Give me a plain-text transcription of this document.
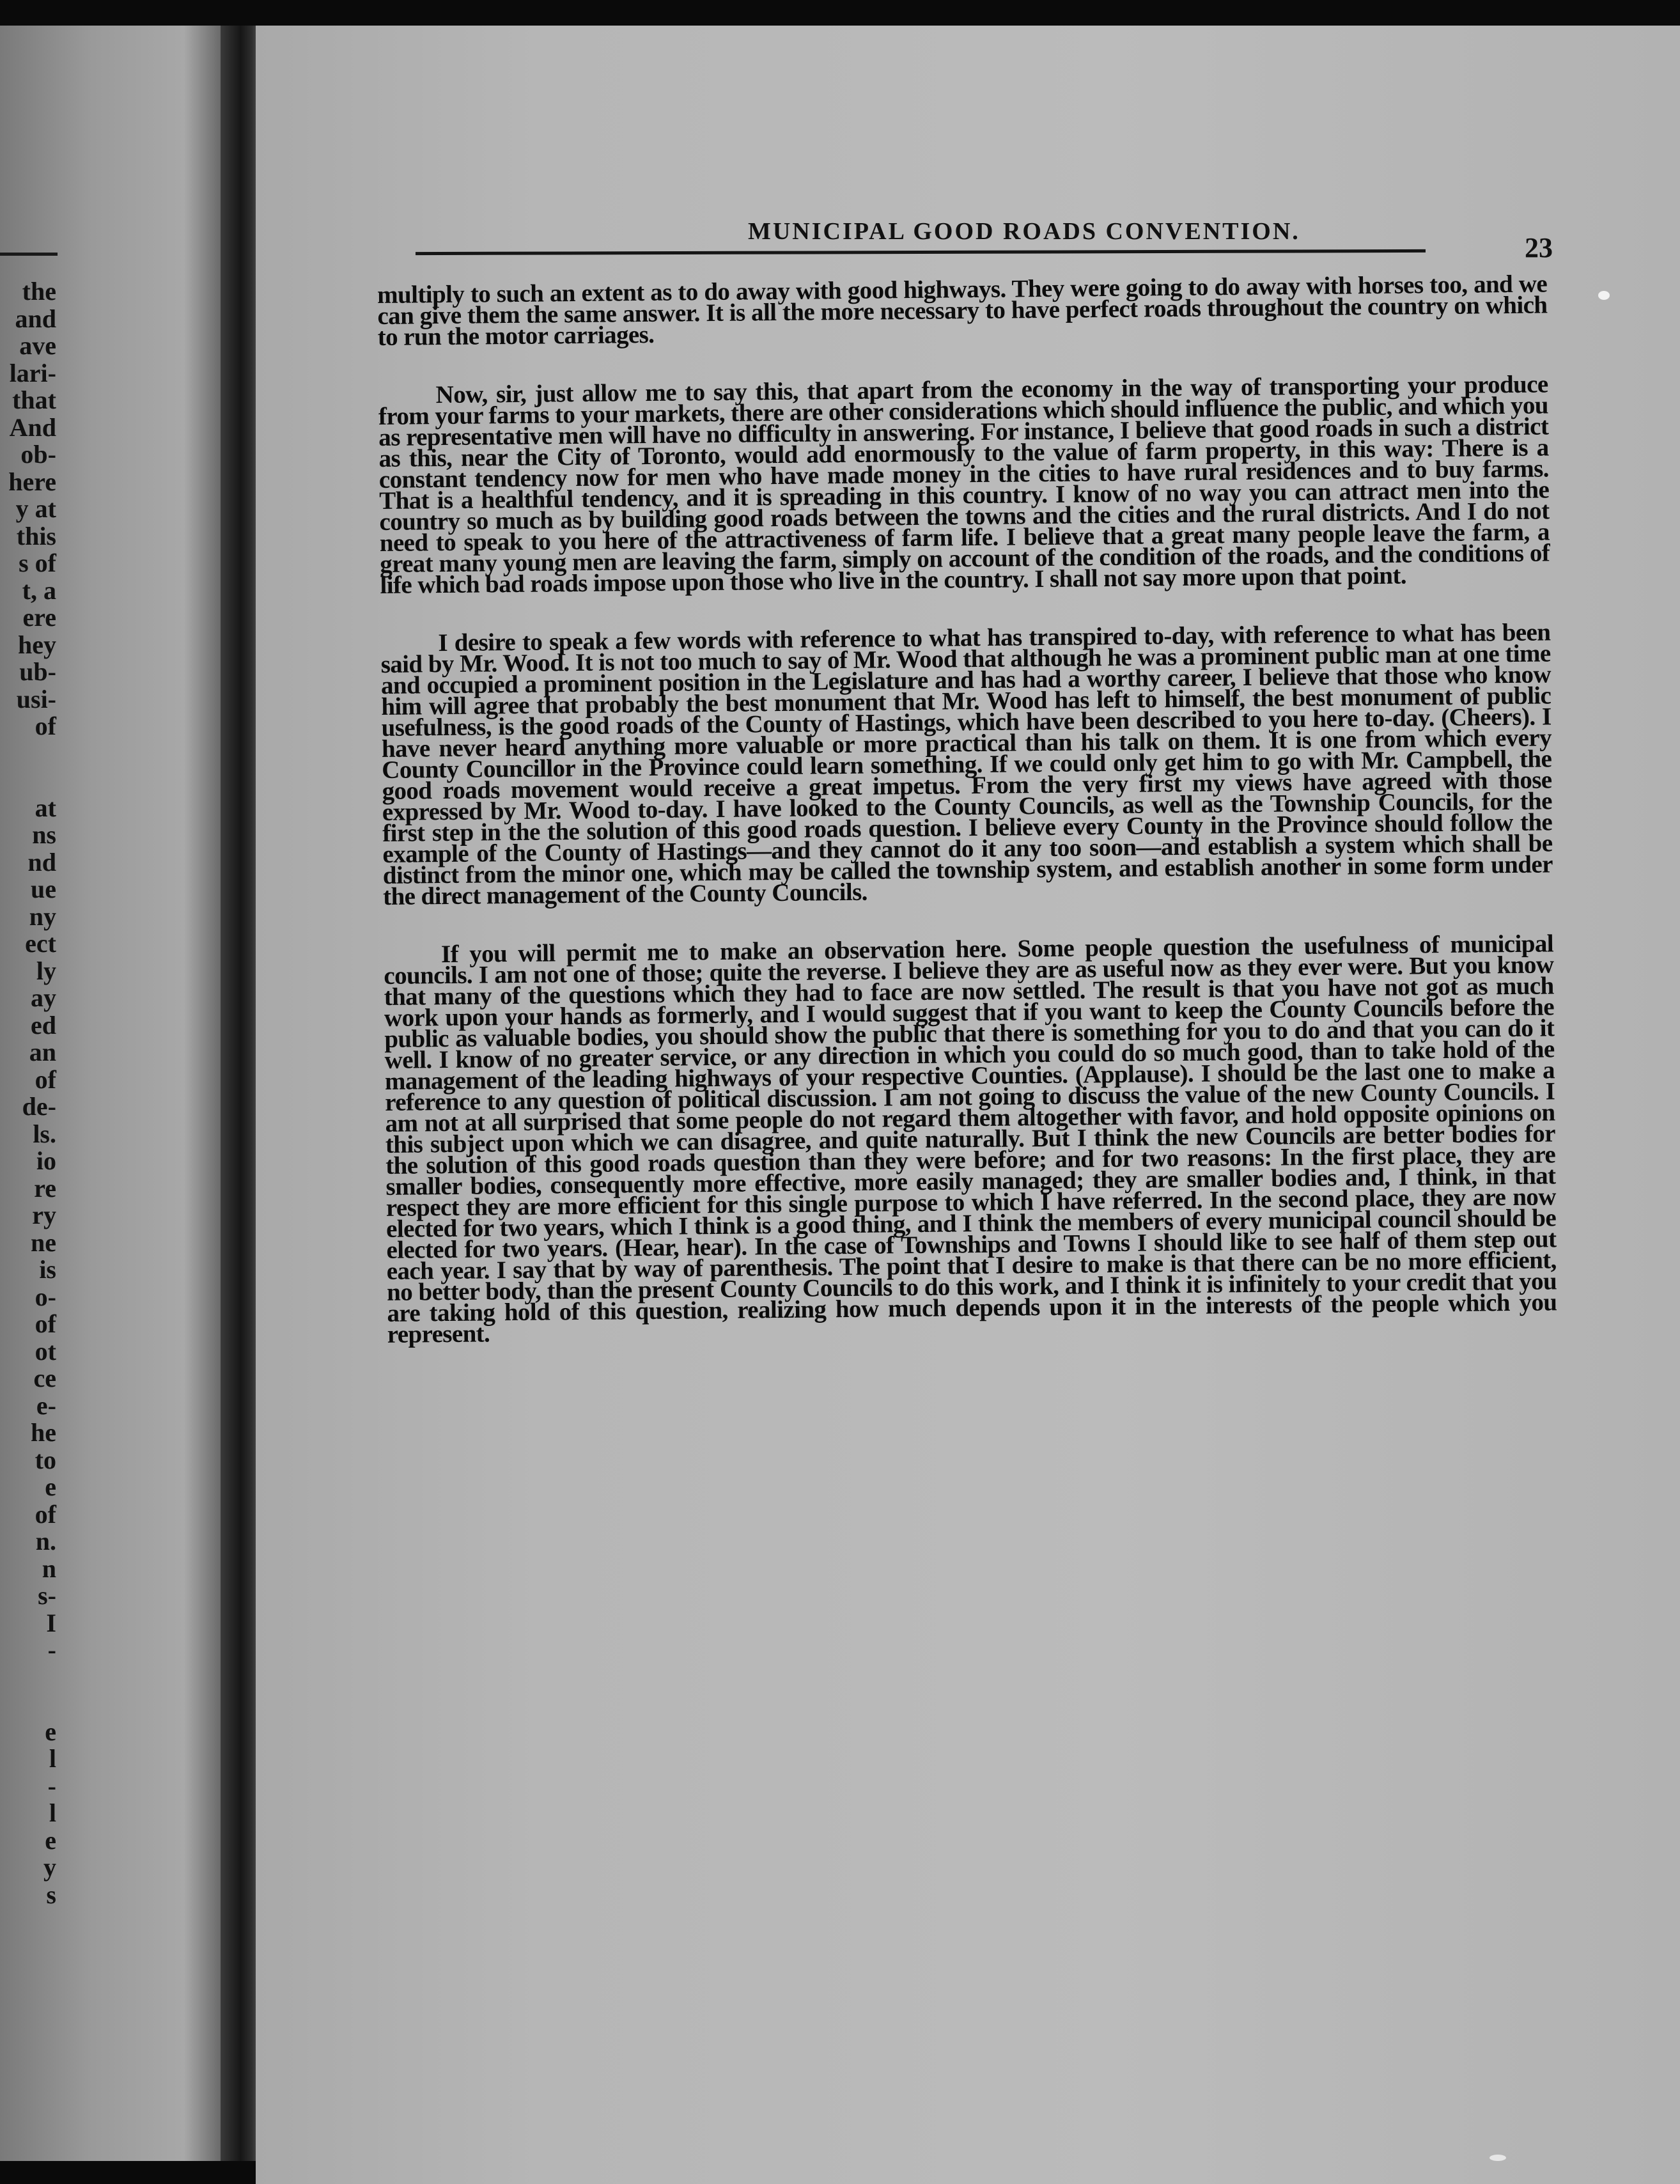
the
and
ave
lari-
that
And
ob-
here
y at
this
s of
t, a
ere
hey
ub-
usi-
of

at
ns
nd
ue
ny
ect
ly
ay
ed
an
of
de-
ls.
io
re
ry
ne
is
o-
of
ot
ce
e-
he
to
e
of
n.
n
s-
I
-

e
l
-
l
e
y
s
MUNICIPAL GOOD ROADS CONVENTION.
23

multiply to such an extent as to do away with good highways. They were going to do away with horses too, and we can give them the same answer. It is all the more necessary to have perfect roads throughout the country on which to run the motor carriages.

Now, sir, just allow me to say this, that apart from the economy in the way of transporting your produce from your farms to your markets, there are other considerations which should influence the public, and which you as representative men will have no difficulty in answering. For instance, I believe that good roads in such a district as this, near the City of Toronto, would add enormously to the value of farm property, in this way: There is a constant tendency now for men who have made money in the cities to have rural residences and to buy farms. That is a healthful tendency, and it is spreading in this country. I know of no way you can attract men into the country so much as by building good roads between the towns and the cities and the rural districts. And I do not need to speak to you here of the attractiveness of farm life. I believe that a great many people leave the farm, a great many young men are leaving the farm, simply on account of the condition of the roads, and the conditions of life which bad roads impose upon those who live in the country. I shall not say more upon that point.

I desire to speak a few words with reference to what has transpired to-day, with reference to what has been said by Mr. Wood. It is not too much to say of Mr. Wood that although he was a prominent public man at one time and occupied a prominent position in the Legislature and has had a worthy career, I believe that those who know him will agree that probably the best monument that Mr. Wood has left to himself, the best monument of public usefulness, is the good roads of the County of Hastings, which have been described to you here to-day. (Cheers). I have never heard anything more valuable or more practical than his talk on them. It is one from which every County Councillor in the Province could learn something. If we could only get him to go with Mr. Campbell, the good roads movement would receive a great impetus. From the very first my views have agreed with those expressed by Mr. Wood to-day. I have looked to the County Councils, as well as the Township Councils, for the first step in the the solution of this good roads question. I believe every County in the Province should follow the example of the County of Hastings—and they cannot do it any too soon—and establish a system which shall be distinct from the minor one, which may be called the township system, and establish another in some form under the direct management of the County Councils.

If you will permit me to make an observation here. Some people question the usefulness of municipal councils. I am not one of those; quite the reverse. I believe they are as useful now as they ever were. But you know that many of the questions which they had to face are now settled. The result is that you have not got as much work upon your hands as formerly, and I would suggest that if you want to keep the County Councils before the public as valuable bodies, you should show the public that there is something for you to do and that you can do it well. I know of no greater service, or any direction in which you could do so much good, than to take hold of the management of the leading highways of your respective Counties. (Applause). I should be the last one to make a reference to any question of political discussion. I am not going to discuss the value of the new County Councils. I am not at all surprised that some people do not regard them altogether with favor, and hold opposite opinions on this subject upon which we can disagree, and quite naturally. But I think the new Councils are better bodies for the solution of this good roads question than they were before; and for two reasons: In the first place, they are smaller bodies, consequently more effective, more easily managed; they are smaller bodies and, I think, in that respect they are more efficient for this single purpose to which I have referred. In the second place, they are now elected for two years, which I think is a good thing, and I think the members of every municipal council should be elected for two years. (Hear, hear). In the case of Townships and Towns I should like to see half of them step out each year. I say that by way of parenthesis. The point that I desire to make is that there can be no more efficient, no better body, than the present County Councils to do this work, and I think it is infinitely to your credit that you are taking hold of this question, realizing how much depends upon it in the interests of the people which you represent.
